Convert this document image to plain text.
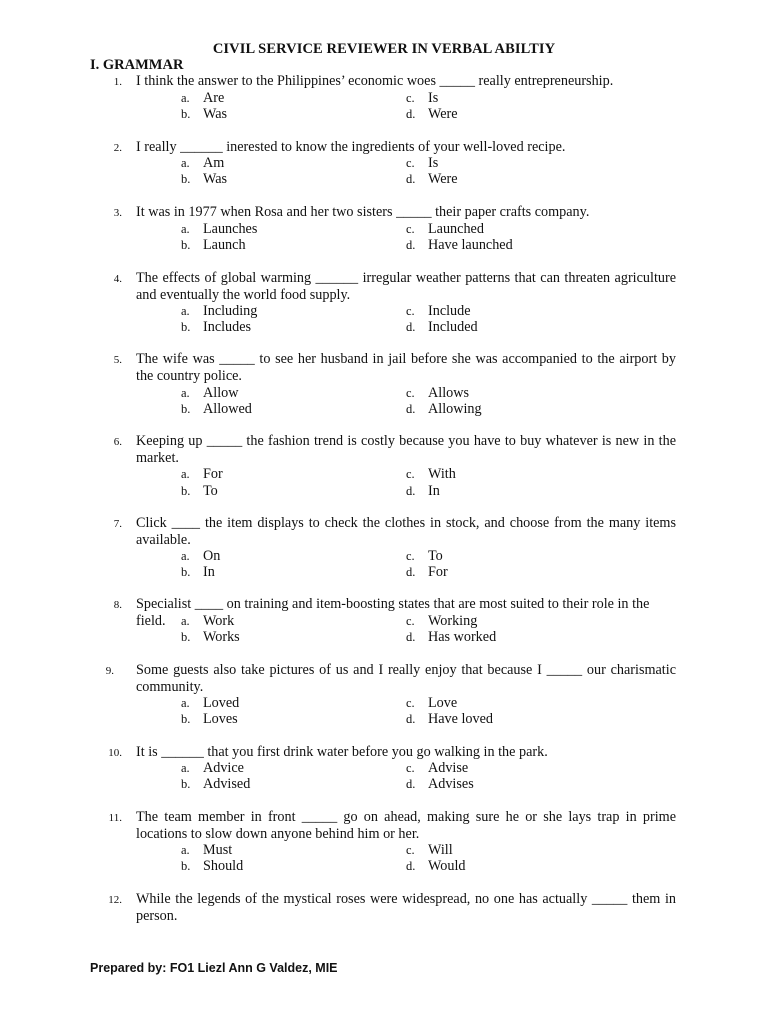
CIVIL SERVICE REVIEWER IN VERBAL ABILTIY
I. GRAMMAR
1. I think the answer to the Philippines’ economic woes _____ really entrepreneurship.
a. Are
b. Was
c. Is
d. Were
2. I really ______ inerested to know the ingredients of your well-loved recipe.
a. Am
b. Was
c. Is
d. Were
3. It was in 1977 when Rosa and her two sisters _____ their paper crafts company.
a. Launches
b. Launch
c. Launched
d. Have launched
4. The effects of global warming ______ irregular weather patterns that can threaten agriculture and eventually the world food supply.
a. Including
b. Includes
c. Include
d. Included
5. The wife was _____ to see her husband in jail before she was accompanied to the airport by the country police.
a. Allow
b. Allowed
c. Allows
d. Allowing
6. Keeping up _____ the fashion trend is costly because you have to buy whatever is new in the market.
a. For
b. To
c. With
d. In
7. Click ____ the item displays to check the clothes in stock, and choose from the many items available.
a. On
b. In
c. To
d. For
8. Specialist ____ on training and item-boosting states that are most suited to their role in the field.	a. Work
b. Works
c. Working
d. Has worked
9. Some guests also take pictures of us and I really enjoy that because I _____ our charismatic community.
a. Loved
b. Loves
c. Love
d. Have loved
10. It is ______ that you first drink water before you go walking in the park.
a. Advice
b. Advised
c. Advise
d. Advises
11. The team member in front _____ go on ahead, making sure he or she lays trap in prime locations to slow down anyone behind him or her.
a. Must
b. Should
c. Will
d. Would
12. While the legends of the mystical roses were widespread, no one has actually _____ them in person.
Prepared by: FO1 Liezl Ann G Valdez, MIE
